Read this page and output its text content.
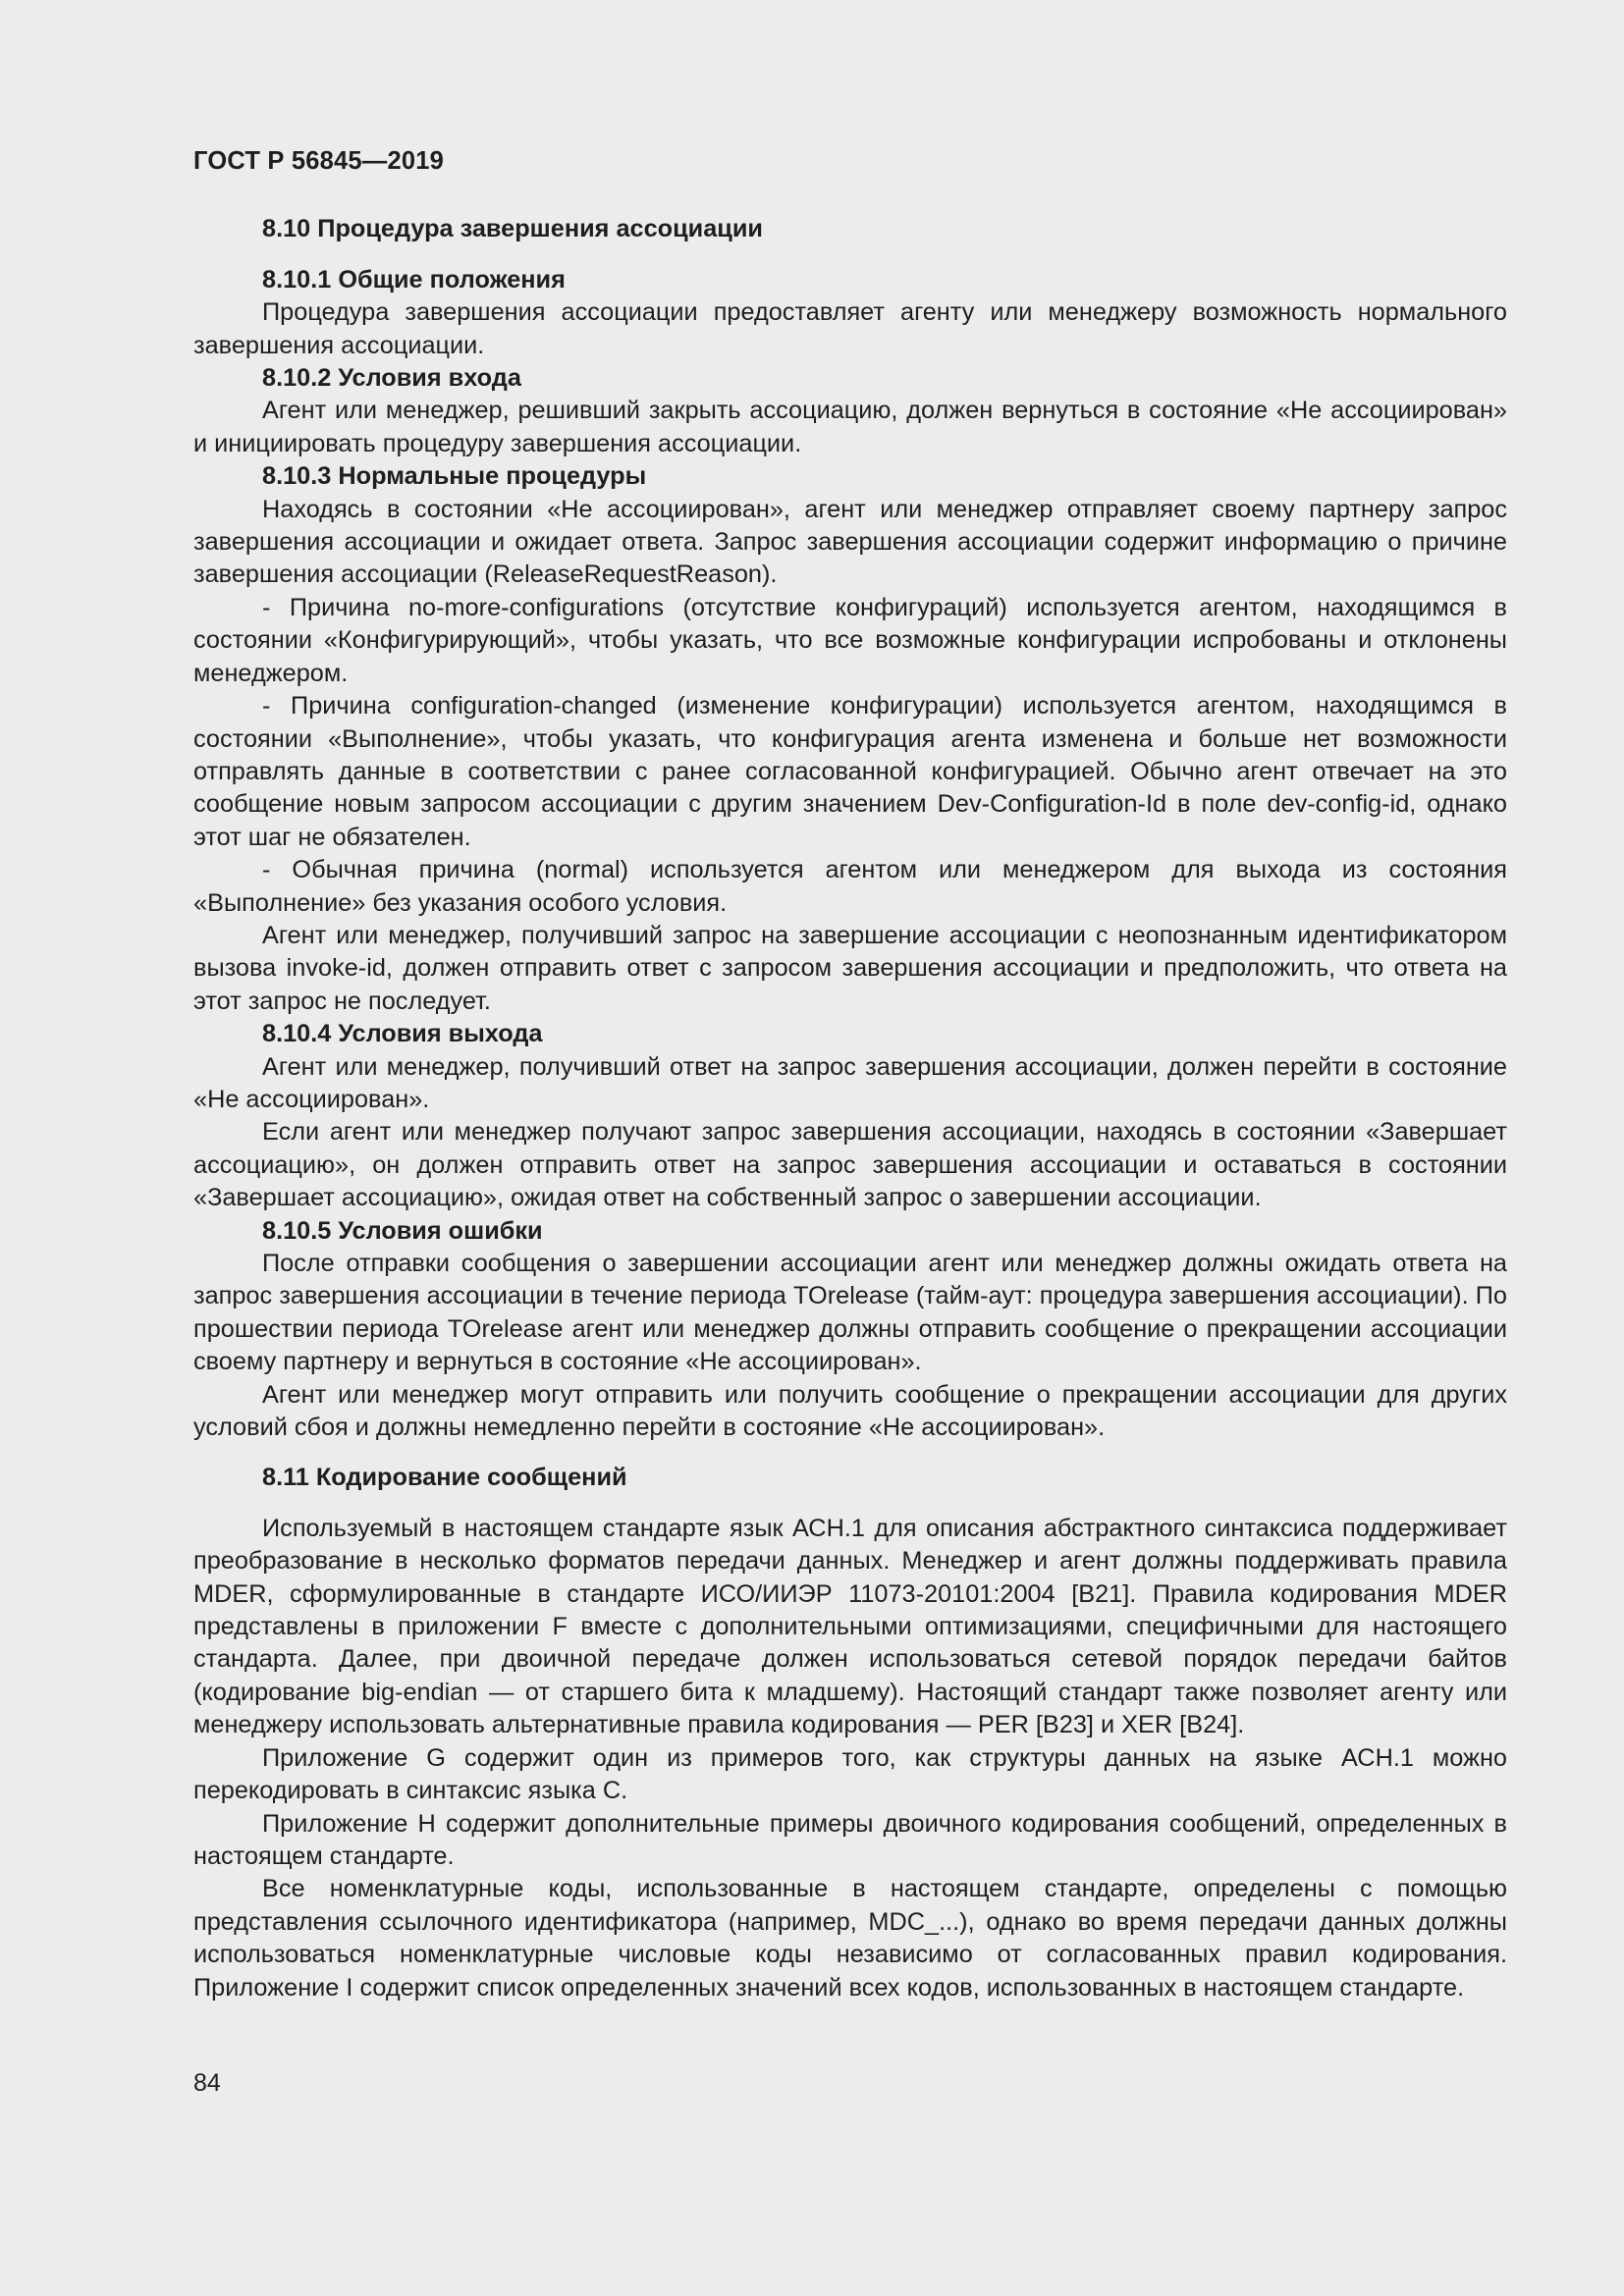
ГОСТ Р 56845—2019
8.10 Процедура завершения ассоциации
8.10.1 Общие положения

Процедура завершения ассоциации предоставляет агенту или менеджеру возможность нормального завершения ассоциации.

8.10.2 Условия входа

Агент или менеджер, решивший закрыть ассоциацию, должен вернуться в состояние «Не ассоциирован» и инициировать процедуру завершения ассоциации.

8.10.3 Нормальные процедуры

Находясь в состоянии «Не ассоциирован», агент или менеджер отправляет своему партнеру запрос завершения ассоциации и ожидает ответа. Запрос завершения ассоциации содержит информацию о причине завершения ассоциации (ReleaseRequestReason).

- Причина no-more-configurations (отсутствие конфигураций) используется агентом, находящимся в состоянии «Конфигурирующий», чтобы указать, что все возможные конфигурации испробованы и отклонены менеджером.

- Причина configuration-changed (изменение конфигурации) используется агентом, находящимся в состоянии «Выполнение», чтобы указать, что конфигурация агента изменена и больше нет возможности отправлять данные в соответствии с ранее согласованной конфигурацией. Обычно агент отвечает на это сообщение новым запросом ассоциации с другим значением Dev-Configuration-Id в поле dev-config-id, однако этот шаг не обязателен.

- Обычная причина (normal) используется агентом или менеджером для выхода из состояния «Выполнение» без указания особого условия.

Агент или менеджер, получивший запрос на завершение ассоциации с неопознанным идентификатором вызова invoke-id, должен отправить ответ с запросом завершения ассоциации и предположить, что ответа на этот запрос не последует.

8.10.4 Условия выхода

Агент или менеджер, получивший ответ на запрос завершения ассоциации, должен перейти в состояние «Не ассоциирован».

Если агент или менеджер получают запрос завершения ассоциации, находясь в состоянии «Завершает ассоциацию», он должен отправить ответ на запрос завершения ассоциации и оставаться в состоянии «Завершает ассоциацию», ожидая ответ на собственный запрос о завершении ассоциации.

8.10.5 Условия ошибки

После отправки сообщения о завершении ассоциации агент или менеджер должны ожидать ответа на запрос завершения ассоциации в течение периода TOrelease (тайм-аут: процедура завершения ассоциации). По прошествии периода TOrelease агент или менеджер должны отправить сообщение о прекращении ассоциации своему партнеру и вернуться в состояние «Не ассоциирован».

Агент или менеджер могут отправить или получить сообщение о прекращении ассоциации для других условий сбоя и должны немедленно перейти в состояние «Не ассоциирован».

8.11 Кодирование сообщений

Используемый в настоящем стандарте язык АСН.1 для описания абстрактного синтаксиса поддерживает преобразование в несколько форматов передачи данных. Менеджер и агент должны поддерживать правила MDER, сформулированные в стандарте ИСО/ИИЭР 11073-20101:2004 [B21]. Правила кодирования MDER представлены в приложении F вместе с дополнительными оптимизациями, специфичными для настоящего стандарта. Далее, при двоичной передаче должен использоваться сетевой порядок передачи байтов (кодирование big-endian — от старшего бита к младшему). Настоящий стандарт также позволяет агенту или менеджеру использовать альтернативные правила кодирования — PER [B23] и XER [B24].

Приложение G содержит один из примеров того, как структуры данных на языке АСН.1 можно перекодировать в синтаксис языка С.

Приложение H содержит дополнительные примеры двоичного кодирования сообщений, определенных в настоящем стандарте.

Все номенклатурные коды, использованные в настоящем стандарте, определены с помощью представления ссылочного идентификатора (например, MDC_...), однако во время передачи данных должны использоваться номенклатурные числовые коды независимо от согласованных правил кодирования. Приложение I содержит список определенных значений всех кодов, использованных в настоящем стандарте.

84
